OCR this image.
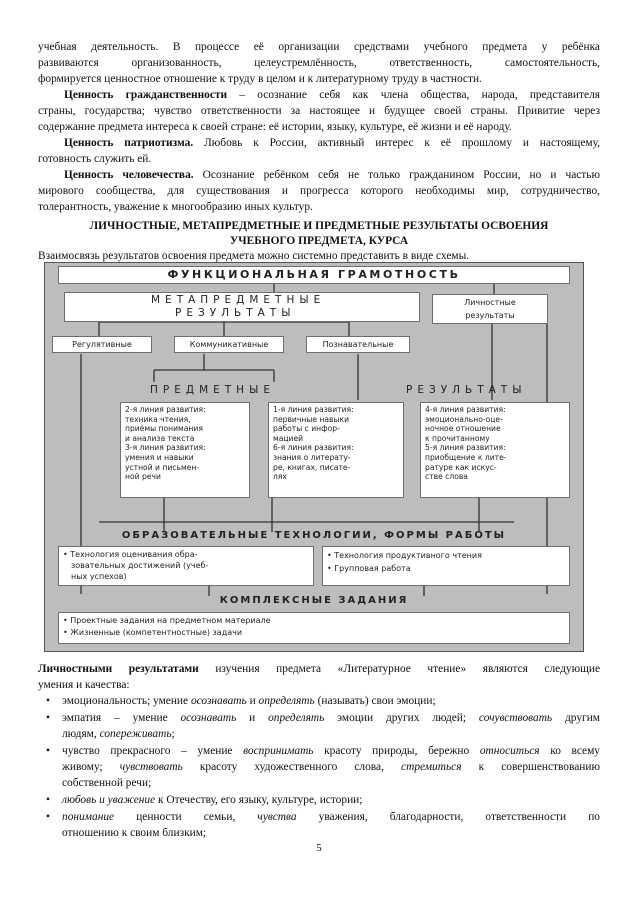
учебная деятельность. В процессе её организации средствами учебного предмета у ребёнка

развиваются организованность, целеустремлённость, ответственность, самостоятельность,

формируется ценностное отношение к труду в целом и к литературному труду в частности.

Ценность гражданственности – осознание себя как члена общества, народа, представителя

страны, государства; чувство ответственности за настоящее и будущее своей страны. Привитие через

содержание предмета интереса к своей стране: её истории, языку, культуре, её жизни и её народу.

Ценность патриотизма. Любовь к России, активный интерес к её прошлому и настоящему,

готовность служить ей.

Ценность человечества. Осознание ребёнком себя не только гражданином России, но и частью

мирового сообщества, для существования и прогресса которого необходимы мир, сотрудничество,

толерантность, уважение к многообразию иных культур.

ЛИЧНОСТНЫЕ, МЕТАПРЕДМЕТНЫЕ И ПРЕДМЕТНЫЕ РЕЗУЛЬТАТЫ ОСВОЕНИЯ

УЧЕБНОГО ПРЕДМЕТА, КУРСА

Взаимосвязь результатов освоения предмета можно системно представить в виде схемы.

ФУНКЦИОНАЛЬНАЯ ГРАМОТНОСТЬ
МЕТАПРЕДМЕТНЫЕ
РЕЗУЛЬТАТЫ
Личностные
результаты
Регулятивные	Коммуникативные	Познавательные
ПРЕДМЕТНЫЕ	РЕЗУЛЬТАТЫ
2-я линия развития:
техника чтения,
приёмы понимания
и анализа текста
3-я линия развития:
умения и навыки
устной и письмен-
ной речи
1-я линия развития:
первичные навыки
работы с инфор-
мацией
6-я линия развития:
знания о литерату-
ре, книгах, писате-
лях
4-я линия развития:
эмоционально-оце-
ночное отношение
к прочитанному
5-я линия развития:
приобщение к лите-
ратуре как искус-
стве слова
ОБРАЗОВАТЕЛЬНЫЕ ТЕХНОЛОГИИ, ФОРМЫ РАБОТЫ
• Технология оценивания обра-
зовательных достижений (учеб-
ных успехов)
• Технология продуктивного чтения
• Групповая работа
КОМПЛЕКСНЫЕ ЗАДАНИЯ
• Проектные задания на предметном материале
• Жизненные (компетентностные) задачи

Личностными результатами изучения предмета «Литературное чтение» являются следующие

умения и качества:

• эмоциональность; умение осознавать и определять (называть) свои эмоции;
• эмпатия – умение осознавать и определять эмоции других людей; сочувствовать другим
людям, сопереживать;
• чувство прекрасного – умение воспринимать красоту природы, бережно относиться ко всему
живому; чувствовать красоту художественного слова, стремиться к совершенствованию
собственной речи;
• любовь и уважение к Отечеству, его языку, культуре, истории;
• понимание ценности семьи, чувства уважения, благодарности, ответственности по
отношению к своим близким;
5
